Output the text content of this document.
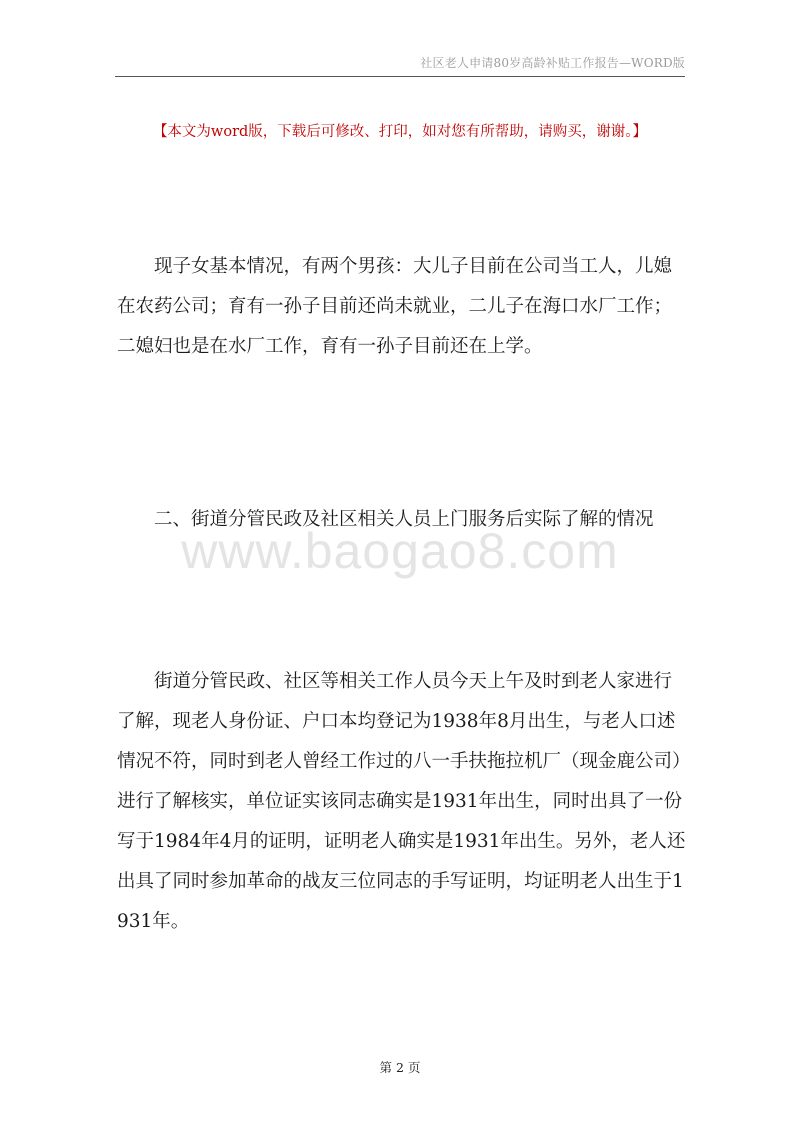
社区老人申请80岁高龄补贴工作报告—WORD版
【本文为word版，下载后可修改、打印，如对您有所帮助，请购买，谢谢。】

现子女基本情况，有两个男孩：大儿子目前在公司当工人，儿媳在农药公司；育有一孙子目前还尚未就业，二儿子在海口水厂工作；二媳妇也是在水厂工作，育有一孙子目前还在上学。

二、街道分管民政及社区相关人员上门服务后实际了解的情况

www.baogao8.com

街道分管民政、社区等相关工作人员今天上午及时到老人家进行了解，现老人身份证、户口本均登记为1938年8月出生，与老人口述情况不符，同时到老人曾经工作过的八一手扶拖拉机厂（现金鹿公司）进行了解核实，单位证实该同志确实是1931年出生，同时出具了一份写于1984年4月的证明，证明老人确实是1931年出生。另外，老人还出具了同时参加革命的战友三位同志的手写证明，均证明老人出生于1931年。

第 2 页
